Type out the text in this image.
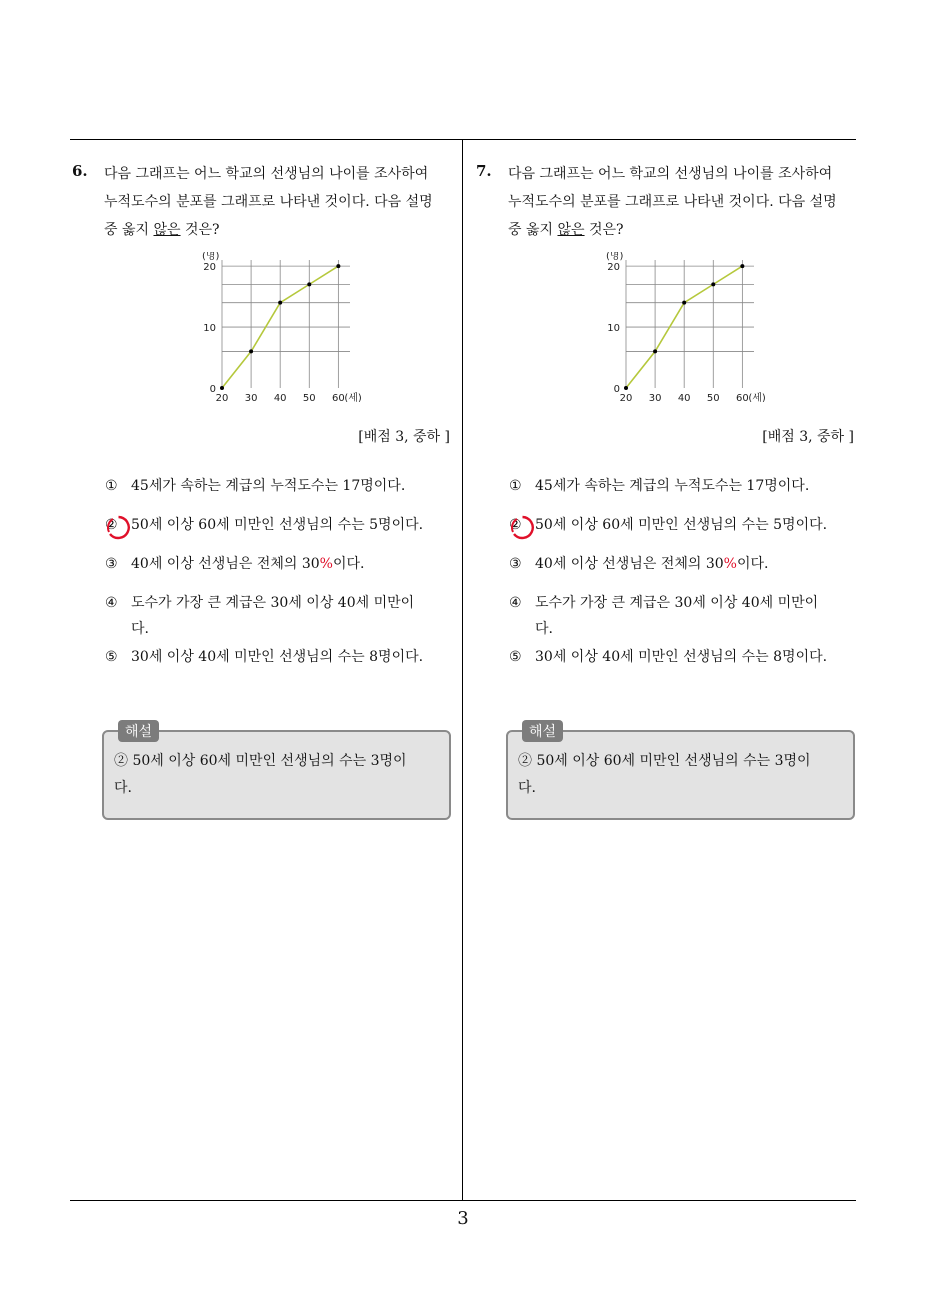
6. 다음 그래프는 어느 학교의 선생님의 나이를 조사하여
누적도수의 분포를 그래프로 나타낸 것이다. 다음 설명
중 옳지 않은 것은?
0
10
20
(명)
20 30 40 50 60 (세)
[배점 3, 중하 ]
① 45세가 속하는 계급의 누적도수는 17명이다.
② 50세 이상 60세 미만인 선생님의 수는 5명이다.
③ 40세 이상 선생님은 전체의 30%이다.
④ 도수가 가장 큰 계급은 30세 이상 40세 미만이
다.
⑤ 30세 이상 40세 미만인 선생님의 수는 8명이다.
해설
② 50세 이상 60세 미만인 선생님의 수는 3명이
다.
7. 다음 그래프는 어느 학교의 선생님의 나이를 조사하여
누적도수의 분포를 그래프로 나타낸 것이다. 다음 설명
중 옳지 않은 것은?
0
10
20
(명)
20 30 40 50 60 (세)
[배점 3, 중하 ]
① 45세가 속하는 계급의 누적도수는 17명이다.
② 50세 이상 60세 미만인 선생님의 수는 5명이다.
③ 40세 이상 선생님은 전체의 30%이다.
④ 도수가 가장 큰 계급은 30세 이상 40세 미만이
다.
⑤ 30세 이상 40세 미만인 선생님의 수는 8명이다.
해설
② 50세 이상 60세 미만인 선생님의 수는 3명이
다.
3
